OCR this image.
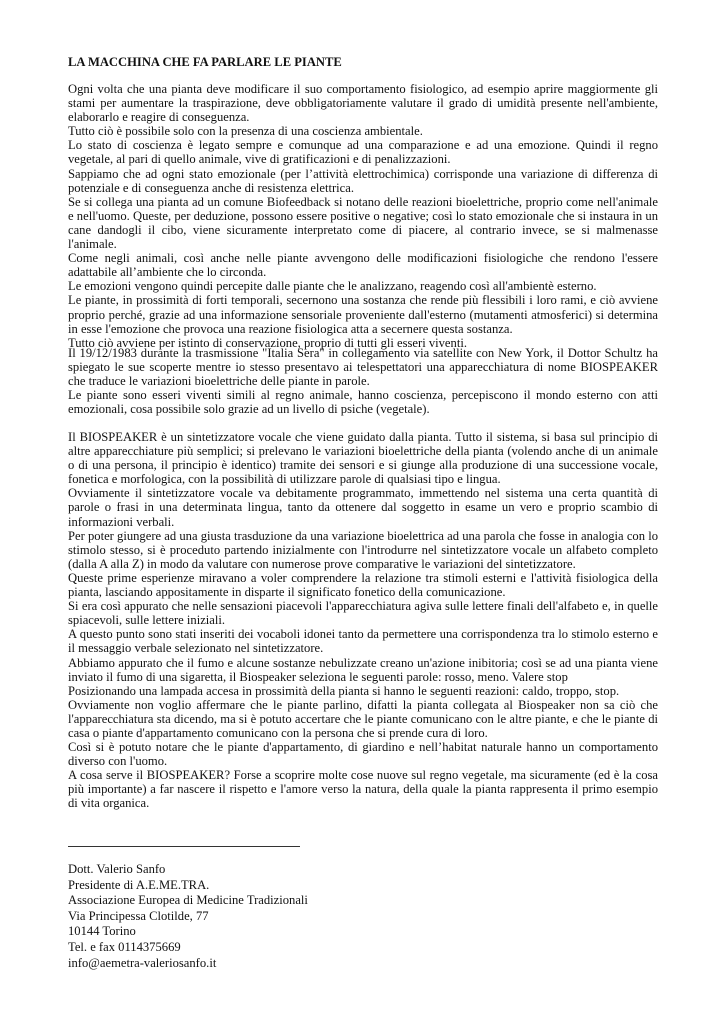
LA MACCHINA CHE FA PARLARE LE PIANTE

Ogni volta che una pianta deve modificare il suo comportamento fisiologico, ad esempio aprire maggiormente gli stami per aumentare la traspirazione, deve obbligatoriamente valutare il grado di umidità presente nell'ambiente, elaborarlo e reagire di conseguenza.

Tutto ciò è possibile solo con la presenza di una coscienza ambientale.

Lo stato di coscienza è legato sempre e comunque ad una comparazione e ad una emozione. Quindi il regno vegetale, al pari di quello animale, vive di gratificazioni e di penalizzazioni.

Sappiamo che ad ogni stato emozionale (per l’attività elettrochimica) corrisponde una variazione di differenza di potenziale e di conseguenza anche di resistenza elettrica.

Se si collega una pianta ad un comune Biofeedback si notano delle reazioni bioelettriche, proprio come nell'animale e nell'uomo. Queste, per deduzione, possono essere positive o negative; così lo stato emozionale che si instaura in un cane dandogli il cibo, viene sicuramente interpretato come di piacere, al contrario invece, se si malmenasse l'animale.

Come negli animali, così anche nelle piante avvengono delle modificazioni fisiologiche che rendono l'essere adattabile all’ambiente che lo circonda.

Le emozioni vengono quindi percepite dalle piante che le analizzano, reagendo così all'ambientè esterno.

Le piante, in prossimità di forti temporali, secernono una sostanza che rende più flessibili i loro rami, e ciò avviene proprio perché, grazie ad una informazione sensoriale proveniente dall'esterno (mutamenti atmosferici) si determina in esse l'emozione che provoca una reazione fisiologica atta a secernere questa sostanza.

Tutto ciò avviene per istinto di conservazione, proprio di tutti gli esseri viventi.

Il 19/12/1983 durante la trasmissione "Italia Sera" in collegamento via satellite con New York, il Dottor Schultz ha spiegato le sue scoperte mentre io stesso presentavo ai telespettatori una apparecchiatura di nome BIOSPEAKER che traduce le variazioni bioelettriche delle piante in parole.

Le piante sono esseri viventi simili al regno animale, hanno coscienza, percepiscono il mondo esterno con atti emozionali, cosa possibile solo grazie ad un livello di psiche (vegetale).

Il BIOSPEAKER è un sintetizzatore vocale che viene guidato dalla pianta. Tutto il sistema, si basa sul principio di altre apparecchiature più semplici; si prelevano le variazioni bioelettriche della pianta (volendo anche di un animale o di una persona, il principio è identico) tramite dei sensori e si giunge alla produzione di una successione vocale, fonetica e morfologica, con la possibilità di utilizzare parole di qualsiasi tipo e lingua.

Ovviamente il sintetizzatore vocale va debitamente programmato, immettendo nel sistema una certa quantità di parole o frasi in una determinata lingua, tanto da ottenere dal soggetto in esame un vero e proprio scambio di informazioni verbali.

Per poter giungere ad una giusta trasduzione da una variazione bioelettrica ad una parola che fosse in analogia con lo stimolo stesso, si è proceduto partendo inizialmente con l'introdurre nel sintetizzatore vocale un alfabeto completo (dalla A alla Z) in modo da valutare con numerose prove comparative le variazioni del sintetizzatore.

Queste prime esperienze miravano a voler comprendere la relazione tra stimoli esterni e l'attività fisiologica della pianta, lasciando appositamente in disparte il significato fonetico della comunicazione.

Si era così appurato che nelle sensazioni piacevoli l'apparecchiatura agiva sulle lettere finali dell'alfabeto e, in quelle spiacevoli, sulle lettere iniziali.

A questo punto sono stati inseriti dei vocaboli idonei tanto da permettere una corrispondenza tra lo stimolo esterno e il messaggio verbale selezionato nel sintetizzatore.

Abbiamo appurato che il fumo e alcune sostanze nebulizzate creano un'azione inibitoria; così se ad una pianta viene inviato il fumo di una sigaretta, il Biospeaker seleziona le seguenti parole: rosso, meno. Valere stop

Posizionando una lampada accesa in prossimità della pianta si hanno le seguenti reazioni: caldo, troppo, stop.

Ovviamente non voglio affermare che le piante parlino, difatti la pianta collegata al Biospeaker non sa ciò che l'apparecchiatura sta dicendo, ma si è potuto accertare che le piante comunicano con le altre piante, e che le piante di casa o piante d'appartamento comunicano con la persona che si prende cura di loro.

Così si è potuto notare che le piante d'appartamento, di giardino e nell’habitat naturale hanno un comportamento diverso con l'uomo.

A cosa serve il BIOSPEAKER? Forse a scoprire molte cose nuove sul regno vegetale, ma sicuramente (ed è la cosa più importante) a far nascere il rispetto e l'amore verso la natura, della quale la pianta rappresenta il primo esempio di vita organica.

Dott. Valerio Sanfo
Presidente di A.E.ME.TRA.
Associazione Europea di Medicine Tradizionali
Via Principessa Clotilde, 77
10144 Torino
Tel. e fax 0114375669
info@aemetra-valeriosanfo.it
